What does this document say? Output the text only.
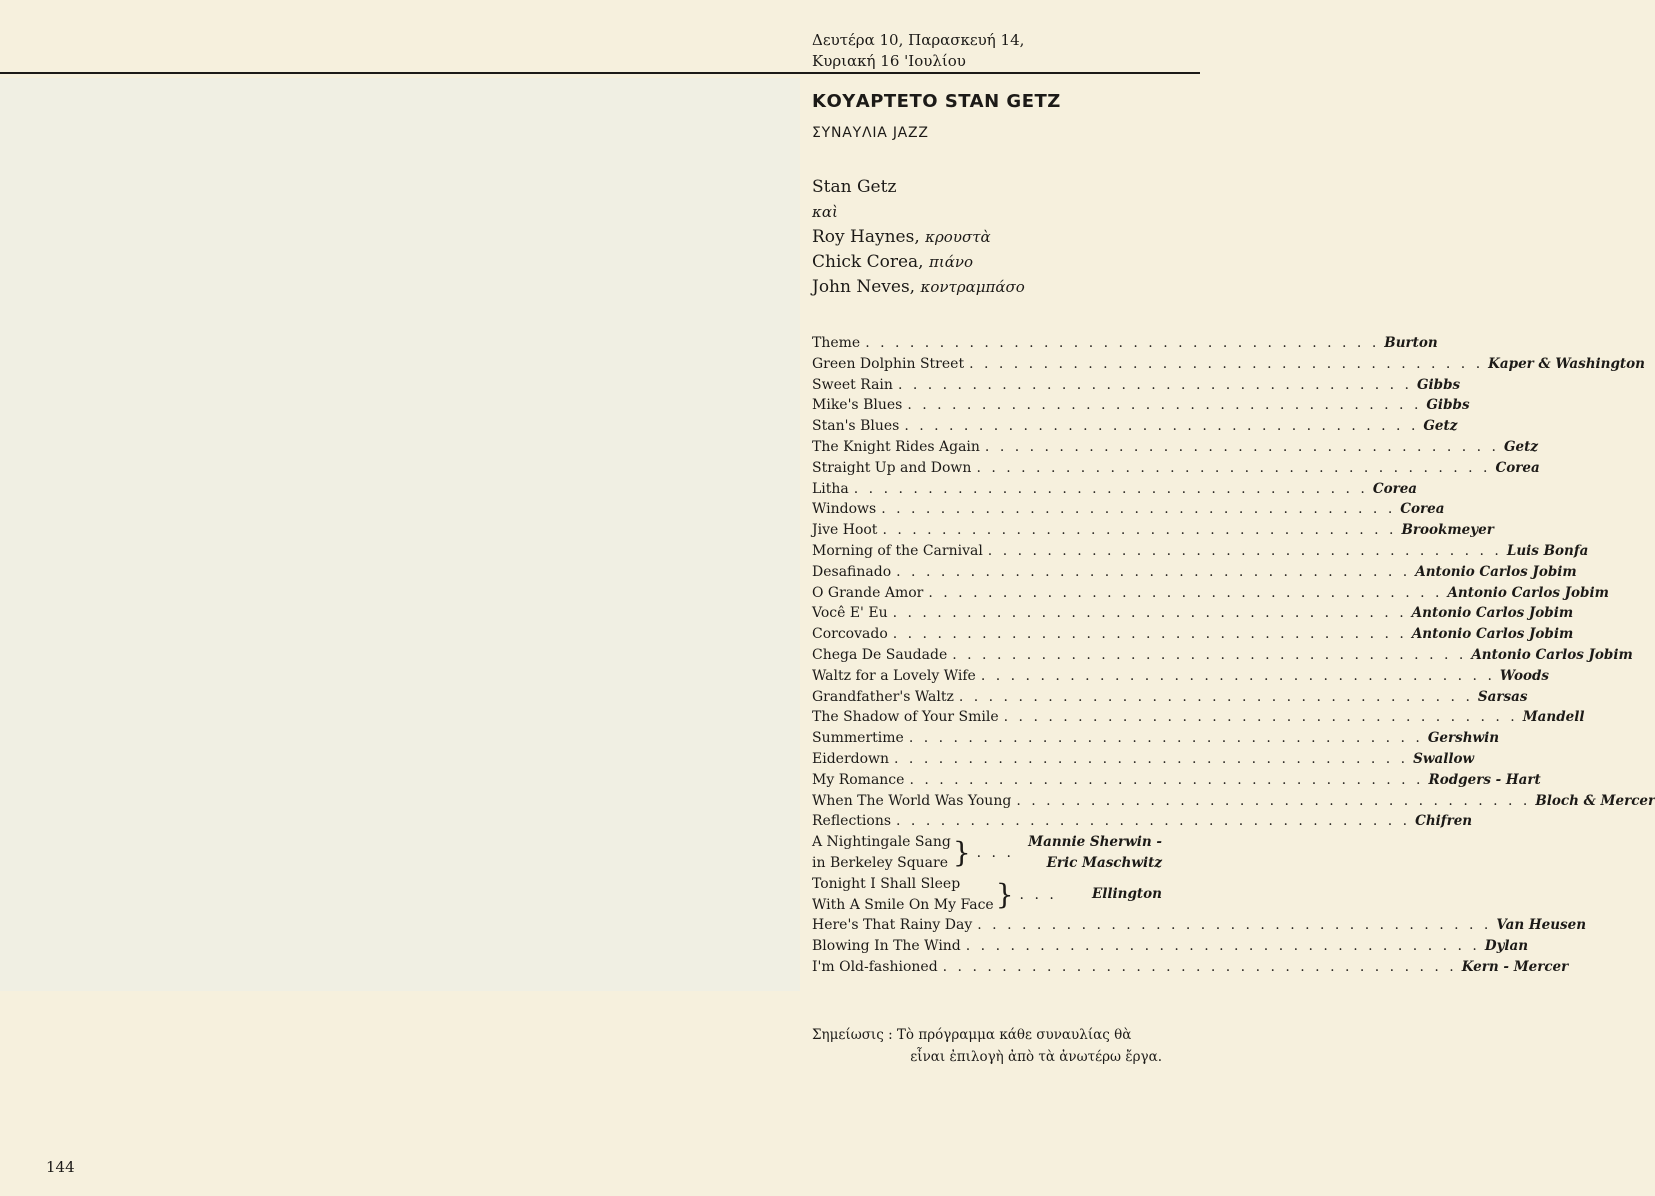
Δευτέρα 10, Παρασκευή 14,
Κυριακή 16 'Ιουλίου
ΚΟΥΑΡΤΕΤΟ STAN GETZ
ΣΥΝΑΥΛΙΑ JAZZ
Stan Getz
καὶ
Roy Haynes, κρουστὰ
Chick Corea, πιάνο
John Neves, κοντραμπάσο
Theme . . . . . . . . . . . . . . . . . . . . . . . . . . . . . . . . . . . Burton
Green Dolphin Street . . . . . . . . . . . . . . . . . . . . . . . . . . . . . . . . . . . Kaper & Washington
Sweet Rain . . . . . . . . . . . . . . . . . . . . . . . . . . . . . . . . . . . Gibbs
Mike's Blues . . . . . . . . . . . . . . . . . . . . . . . . . . . . . . . . . . . Gibbs
Stan's Blues . . . . . . . . . . . . . . . . . . . . . . . . . . . . . . . . . . . Getz
The Knight Rides Again . . . . . . . . . . . . . . . . . . . . . . . . . . . . . . . . . . . Getz
Straight Up and Down . . . . . . . . . . . . . . . . . . . . . . . . . . . . . . . . . . . Corea
Litha . . . . . . . . . . . . . . . . . . . . . . . . . . . . . . . . . . . Corea
Windows . . . . . . . . . . . . . . . . . . . . . . . . . . . . . . . . . . . Corea
Jive Hoot . . . . . . . . . . . . . . . . . . . . . . . . . . . . . . . . . . . Brookmeyer
Morning of the Carnival . . . . . . . . . . . . . . . . . . . . . . . . . . . . . . . . . . . Luis Bonfa
Desafinado . . . . . . . . . . . . . . . . . . . . . . . . . . . . . . . . . . . Antonio Carlos Jobim
O Grande Amor . . . . . . . . . . . . . . . . . . . . . . . . . . . . . . . . . . . Antonio Carlos Jobim
Você E' Eu . . . . . . . . . . . . . . . . . . . . . . . . . . . . . . . . . . . Antonio Carlos Jobim
Corcovado . . . . . . . . . . . . . . . . . . . . . . . . . . . . . . . . . . . Antonio Carlos Jobim
Chega De Saudade . . . . . . . . . . . . . . . . . . . . . . . . . . . . . . . . . . . Antonio Carlos Jobim
Waltz for a Lovely Wife . . . . . . . . . . . . . . . . . . . . . . . . . . . . . . . . . . . Woods
Grandfather's Waltz . . . . . . . . . . . . . . . . . . . . . . . . . . . . . . . . . . . Sarsas
The Shadow of Your Smile . . . . . . . . . . . . . . . . . . . . . . . . . . . . . . . . . . . Mandell
Summertime . . . . . . . . . . . . . . . . . . . . . . . . . . . . . . . . . . . Gershwin
Eiderdown . . . . . . . . . . . . . . . . . . . . . . . . . . . . . . . . . . . Swallow
My Romance . . . . . . . . . . . . . . . . . . . . . . . . . . . . . . . . . . . Rodgers - Hart
When The World Was Young . . . . . . . . . . . . . . . . . . . . . . . . . . . . . . . . . . . Bloch & Mercer
Reflections . . . . . . . . . . . . . . . . . . . . . . . . . . . . . . . . . . . Chifren
A Nightingale Sang
in Berkeley Square } . . .
Mannie Sherwin -
Eric Maschwitz
Tonight I Shall Sleep
With A Smile On My Face } . . .	Ellington
Here's That Rainy Day . . . . . . . . . . . . . . . . . . . . . . . . . . . . . . . . . . . Van Heusen
Blowing In The Wind . . . . . . . . . . . . . . . . . . . . . . . . . . . . . . . . . . . Dylan
I'm Old-fashioned . . . . . . . . . . . . . . . . . . . . . . . . . . . . . . . . . . . Kern - Mercer
Σημείωσις : Τὸ πρόγραμμα κάθε συναυλίας θὰ
εἶναι ἐπιλογὴ ἀπὸ τὰ ἀνωτέρω ἔργα.
144
